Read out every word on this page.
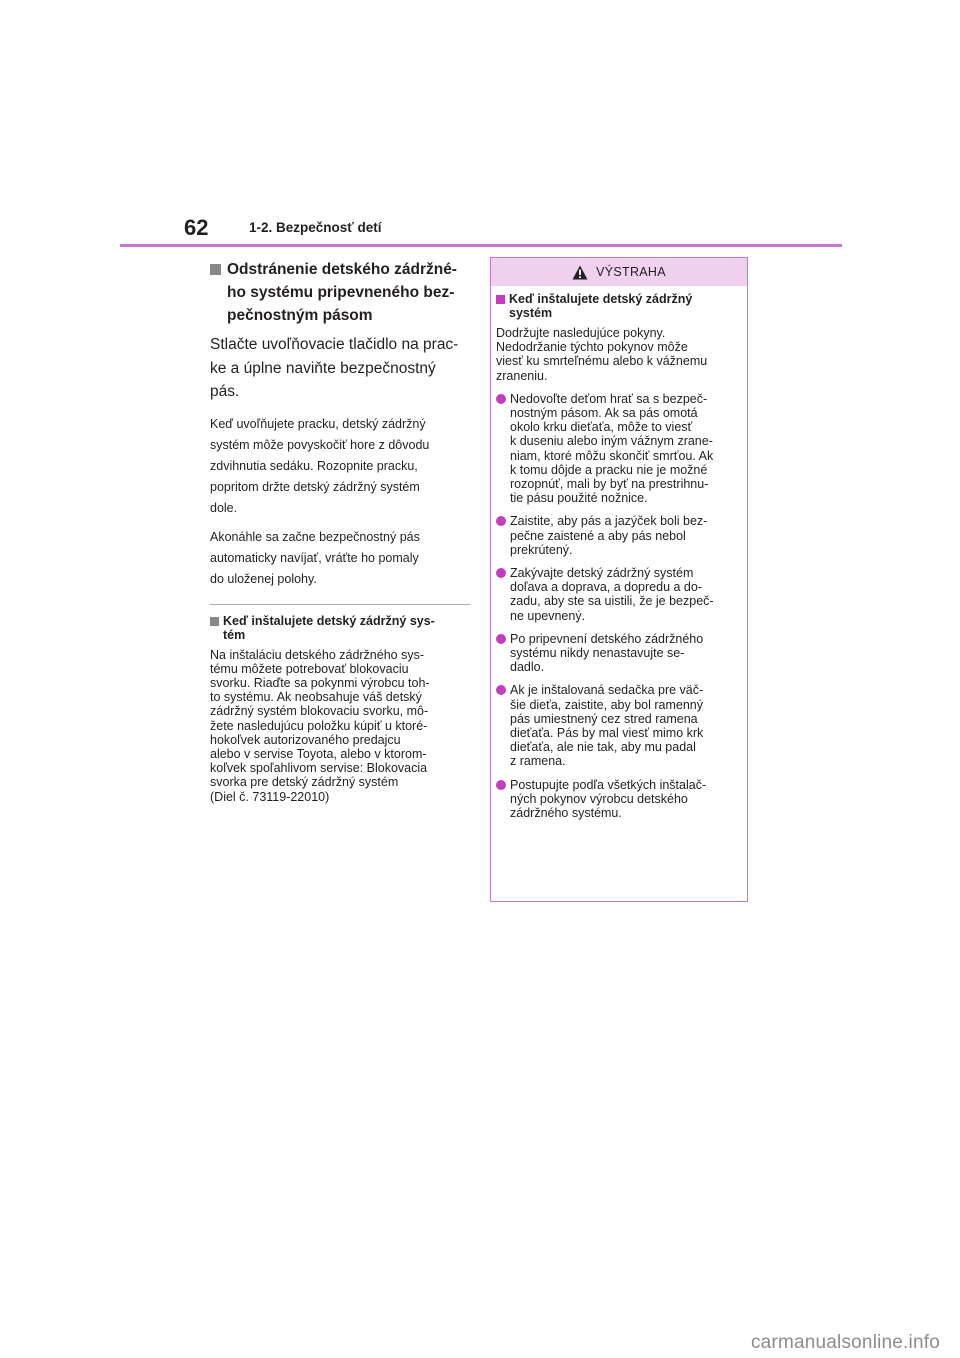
62	1-2. Bezpečnosť detí
Odstránenie detského zádržné-
ho systému pripevneného bez-
pečnostným pásom
Stlačte uvoľňovacie tlačidlo na prac-
ke a úplne naviňte bezpečnostný
pás.
Keď uvoľňujete pracku, detský zádržný
systém môže povyskočiť hore z dôvodu
zdvihnutia sedáku. Rozopnite pracku,
popritom držte detský zádržný systém
dole.
Akonáhle sa začne bezpečnostný pás
automaticky navíjať, vráťte ho pomaly
do uloženej polohy.
Keď inštalujete detský zádržný sys-
tém
Na inštaláciu detského zádržného sys-
tému môžete potrebovať blokovaciu
svorku. Riaďte sa pokynmi výrobcu toh-
to systému. Ak neobsahuje váš detský
zádržný systém blokovaciu svorku, mô-
žete nasledujúcu položku kúpiť u ktoré-
hokoľvek autorizovaného predajcu
alebo v servise Toyota, alebo v ktorom-
koľvek spoľahlivom servise: Blokovacia
svorka pre detský zádržný systém
(Diel č. 73119-22010)
VÝSTRAHA
Keď inštalujete detský zádržný
systém
Dodržujte nasledujúce pokyny.
Nedodržanie týchto pokynov môže
viesť ku smrteľnému alebo k vážnemu
zraneniu.
Nedovoľte deťom hrať sa s bezpeč-
nostným pásom. Ak sa pás omotá
okolo krku dieťaťa, môže to viesť
k duseniu alebo iným vážnym zrane-
niam, ktoré môžu skončiť smrťou. Ak
k tomu dôjde a pracku nie je možné
rozopnúť, mali by byť na prestrihnu-
tie pásu použité nožnice.
Zaistite, aby pás a jazýček boli bez-
pečne zaistené a aby pás nebol
prekrútený.
Zakývajte detský zádržný systém
doľava a doprava, a dopredu a do-
zadu, aby ste sa uistili, že je bezpeč-
ne upevnený.
Po pripevnení detského zádržného
systému nikdy nenastavujte se-
dadlo.
Ak je inštalovaná sedačka pre väč-
šie dieťa, zaistite, aby bol ramenný
pás umiestnený cez stred ramena
dieťaťa. Pás by mal viesť mimo krk
dieťaťa, ale nie tak, aby mu padal
z ramena.
Postupujte podľa všetkých inštalač-
ných pokynov výrobcu detského
zádržného systému.
carmanualsonline.info
